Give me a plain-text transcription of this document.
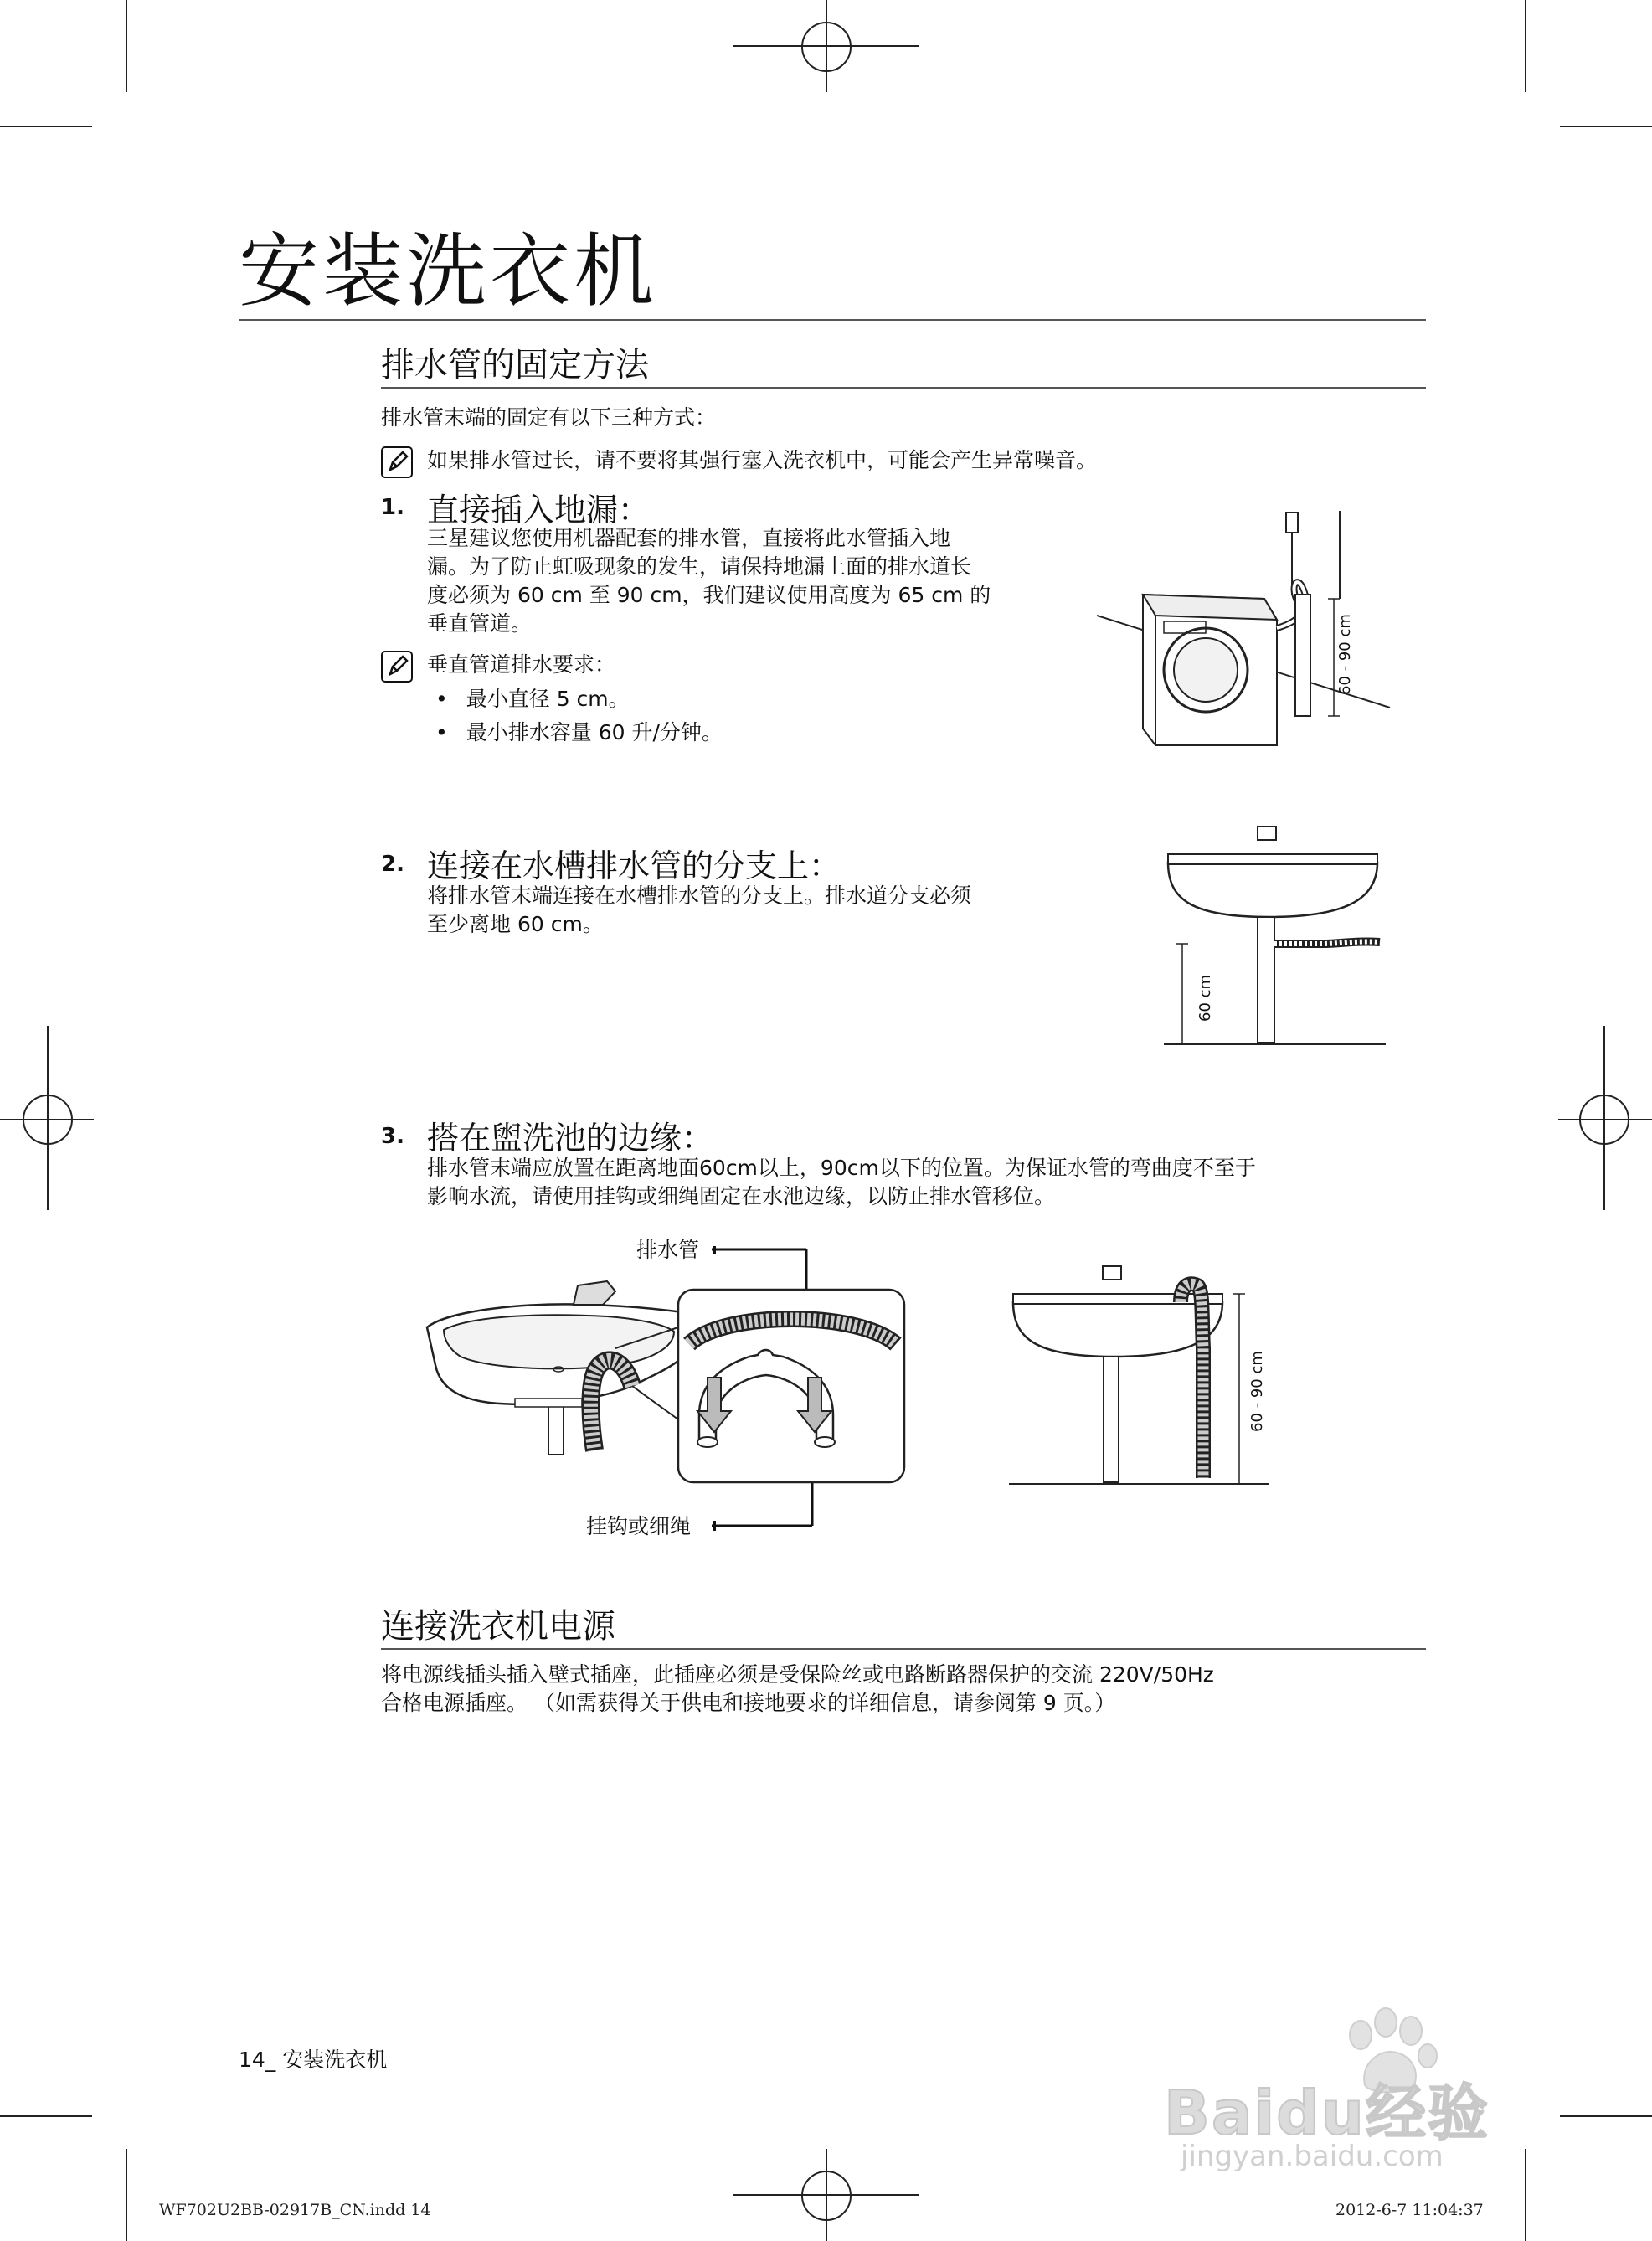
安装洗衣机
排水管的固定方法
排水管末端的固定有以下三种方式：
如果排水管过长，请不要将其强行塞入洗衣机中，可能会产生异常噪音。
1. 直接插入地漏：
三星建议您使用机器配套的排水管，直接将此水管插入地
漏。为了防止虹吸现象的发生，请保持地漏上面的排水道长
度必须为 60 cm 至 90 cm，我们建议使用高度为 65 cm 的
垂直管道。
垂直管道排水要求：
• 最小直径 5 cm。
• 最小排水容量 60 升/分钟。
60 - 90 cm
2. 连接在水槽排水管的分支上：
将排水管末端连接在水槽排水管的分支上。排水道分支必须
至少离地 60 cm。
60 cm
3. 搭在盥洗池的边缘：
排水管末端应放置在距离地面60cm以上，90cm以下的位置。为保证水管的弯曲度不至于
影响水流，请使用挂钩或细绳固定在水池边缘，以防止排水管移位。
排水管
挂钩或细绳
60 - 90 cm
连接洗衣机电源
将电源线插头插入壁式插座，此插座必须是受保险丝或电路断路器保护的交流 220V/50Hz
合格电源插座。 （如需获得关于供电和接地要求的详细信息，请参阅第 9 页。）
14_ 安装洗衣机
Baidu经验
jingyan.baidu.com
WF702U2BB-02917B_CN.indd 14	2012-6-7 11:04:37
